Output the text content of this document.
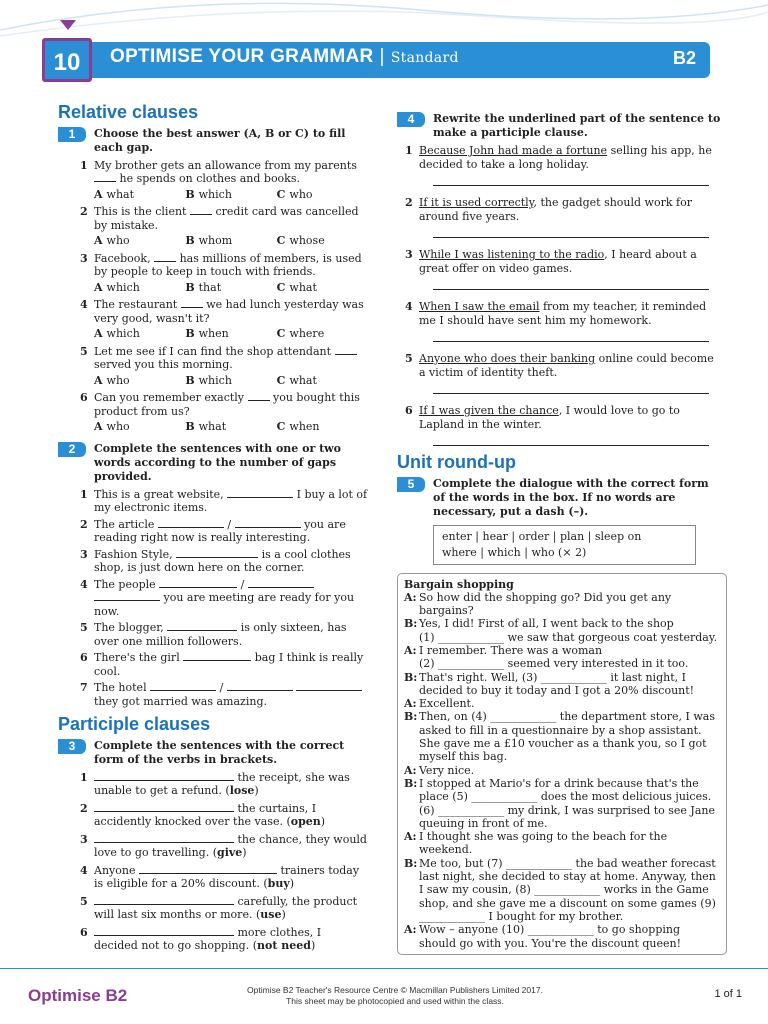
10	OPTIMISE YOUR GRAMMAR | Standard	B2
Relative clauses
1	Choose the best answer (A, B or C) to fill each gap.
1 My brother gets an allowance from my parents  he spends on clothes and books.
A what	B which	C who
2 This is the client	credit card was cancelled by mistake.
A who	B whom	C whose
3 Facebook,	has millions of members, is used by people to keep in touch with friends.
A which	B that	C what
4 The restaurant	we had lunch yesterday was very good, wasn't it?
A which	B when	C where
5 Let me see if I can find the shop attendant  served you this morning.
A who	B which	C what
6 Can you remember exactly	you bought this product from us?
A who	B what	C when
2	Complete the sentences with one or two words according to the number of gaps provided.
1 This is a great website,	I buy a lot of my electronic items.
2 The article	/	you are reading right now is really interesting.
3 Fashion Style,	is a cool clothes shop, is just down here on the corner.
4 The people	/   you are meeting are ready for you now.
5 The blogger,	is only sixteen, has over one million followers.
6 There's the girl	bag I think is really cool.
7 The hotel	/   they got married was amazing.
Participle clauses
3	Complete the sentences with the correct form of the verbs in brackets.
1	the receipt, she was unable to get a refund. (lose)
2	the curtains, I accidently knocked over the vase. (open)
3	the chance, they would love to go travelling. (give)
4 Anyone	trainers today is eligible for a 20% discount. (buy)
5	carefully, the product will last six months or more. (use)
6	more clothes, I decided not to go shopping. (not need)
4	Rewrite the underlined part of the sentence to make a participle clause.
1 Because John had made a fortune selling his app, he decided to take a long holiday.
2 If it is used correctly, the gadget should work for around five years.
3 While I was listening to the radio, I heard about a great offer on video games.
4 When I saw the email from my teacher, it reminded me I should have sent him my homework.
5 Anyone who does their banking online could become a victim of identity theft.
6 If I was given the chance, I would love to go to Lapland in the winter.
Unit round-up
5	Complete the dialogue with the correct form of the words in the box. If no words are necessary, put a dash (–).
enter | hear | order | plan | sleep on
where | which | who (× 2)
Bargain shopping
A: So how did the shopping go? Did you get any bargains?
B: Yes, I did! First of all, I went back to the shop
(1) ____________ we saw that gorgeous coat yesterday.
A: I remember. There was a woman
(2) ____________ seemed very interested in it too.
B: That's right. Well, (3) ____________ it last night, I decided to buy it today and I got a 20% discount!
A: Excellent.
B: Then, on (4) ____________ the department store, I was asked to fill in a questionnaire by a shop assistant. She gave me a £10 voucher as a thank you, so I got myself this bag.
A: Very nice.
B: I stopped at Mario's for a drink because that's the place (5) ____________ does the most delicious juices. (6) ____________ my drink, I was surprised to see Jane queuing in front of me.
A: I thought she was going to the beach for the weekend.
B: Me too, but (7) ____________ the bad weather forecast last night, she decided to stay at home. Anyway, then I saw my cousin, (8) ____________ works in the Game shop, and she gave me a discount on some games (9) ____________ I bought for my brother.
A: Wow – anyone (10) ____________ to go shopping should go with you. You're the discount queen!
Optimise B2	Optimise B2 Teacher's Resource Centre © Macmillan Publishers Limited 2017.
This sheet may be photocopied and used within the class.
1 of 1
